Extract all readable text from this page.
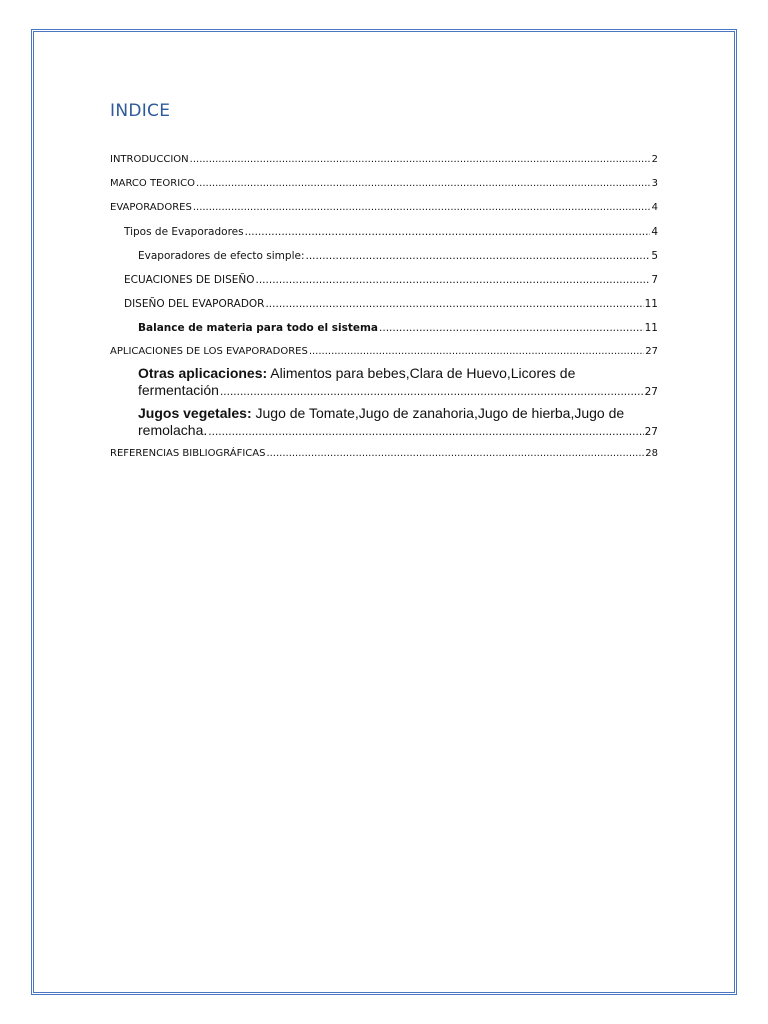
INDICE
INTRODUCCION .....	2
MARCO TEORICO .....	3
EVAPORADORES .....	4
Tipos de Evaporadores .....	4
Evaporadores de efecto simple: .....	5
ECUACIONES DE DISEÑO .....	7
DISEÑO DEL EVAPORADOR .....	11
Balance de materia para todo el sistema .....	11
APLICACIONES DE LOS EVAPORADORES .....	27
Otras aplicaciones: Alimentos para bebes,Clara de Huevo,Licores de
fermentación .....	27
Jugos vegetales: Jugo de Tomate,Jugo de zanahoria,Jugo de hierba,Jugo de
remolacha. .....	27
REFERENCIAS BIBLIOGRÁFICAS .....	28
